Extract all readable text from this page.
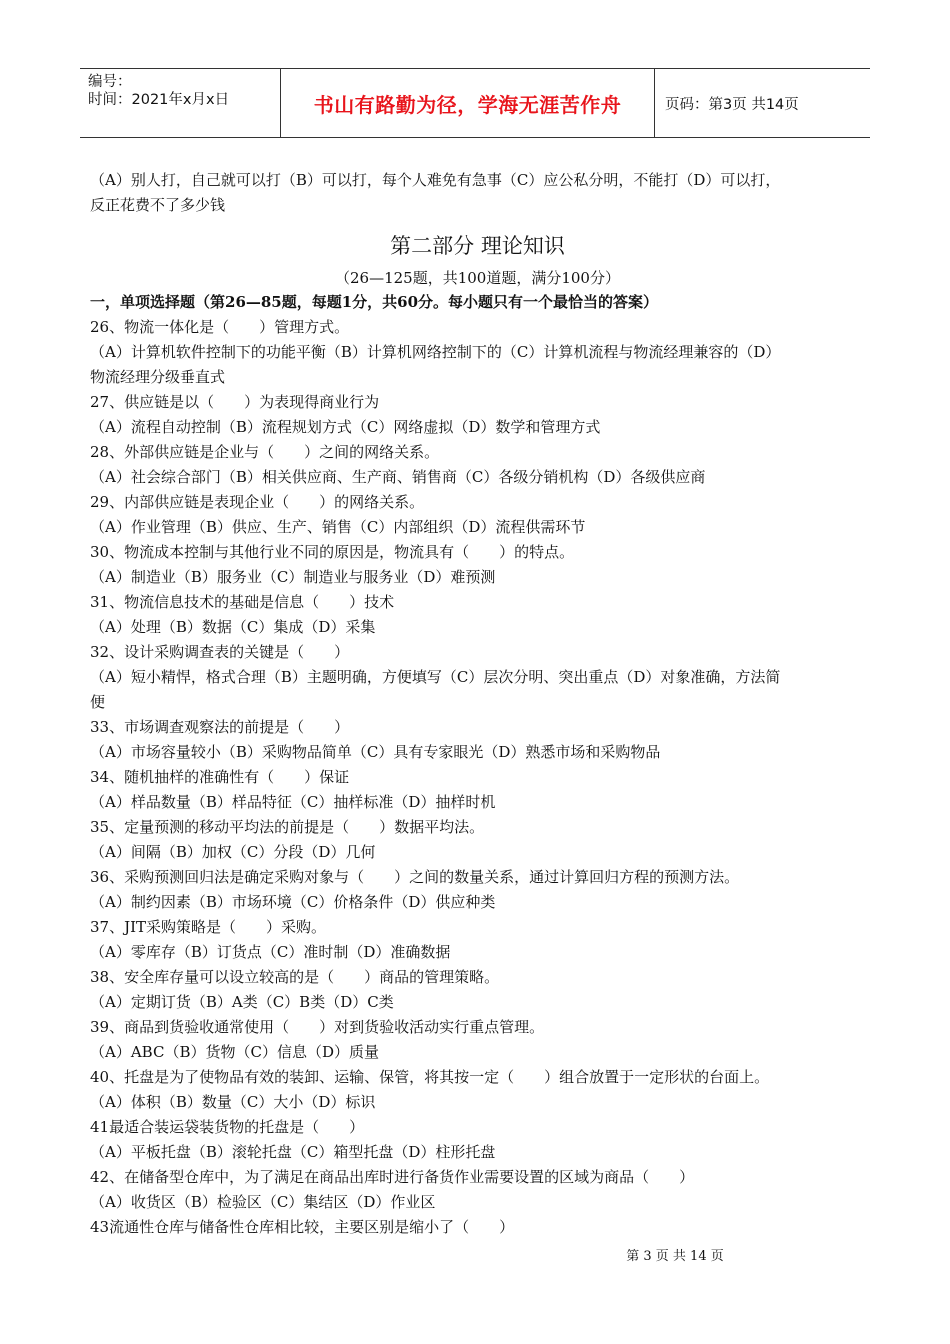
编号：
时间：2021年x月x日	书山有路勤为径，学海无涯苦作舟	页码：第3页 共14页
（A）别人打，自己就可以打（B）可以打，每个人难免有急事（C）应公私分明，不能打（D）可以打，
反正花费不了多少钱
第二部分 理论知识
（26—125题，共100道题，满分100分）
一，单项选择题（第26—85题，每题1分，共60分。每小题只有一个最恰当的答案）
26、物流一体化是（　　）管理方式。
（A）计算机软件控制下的功能平衡（B）计算机网络控制下的（C）计算机流程与物流经理兼容的（D）
物流经理分级垂直式
27、供应链是以（　　）为表现得商业行为
（A）流程自动控制（B）流程规划方式（C）网络虚拟（D）数学和管理方式
28、外部供应链是企业与（　　）之间的网络关系。
（A）社会综合部门（B）相关供应商、生产商、销售商（C）各级分销机构（D）各级供应商
29、内部供应链是表现企业（　　）的网络关系。
（A）作业管理（B）供应、生产、销售（C）内部组织（D）流程供需环节
30、物流成本控制与其他行业不同的原因是，物流具有（　　）的特点。
（A）制造业（B）服务业（C）制造业与服务业（D）难预测
31、物流信息技术的基础是信息（　　）技术
（A）处理（B）数据（C）集成（D）采集
32、设计采购调查表的关键是（　　）
（A）短小精悍，格式合理（B）主题明确，方便填写（C）层次分明、突出重点（D）对象准确，方法简
便
33、市场调查观察法的前提是（　　）
（A）市场容量较小（B）采购物品简单（C）具有专家眼光（D）熟悉市场和采购物品
34、随机抽样的准确性有（　　）保证
（A）样品数量（B）样品特征（C）抽样标准（D）抽样时机
35、定量预测的移动平均法的前提是（　　）数据平均法。
（A）间隔（B）加权（C）分段（D）几何
36、采购预测回归法是确定采购对象与（　　）之间的数量关系，通过计算回归方程的预测方法。
（A）制约因素（B）市场环境（C）价格条件（D）供应种类
37、JIT采购策略是（　　）采购。
（A）零库存（B）订货点（C）准时制（D）准确数据
38、安全库存量可以设立较高的是（　　）商品的管理策略。
（A）定期订货（B）A类（C）B类（D）C类
39、商品到货验收通常使用（　　）对到货验收活动实行重点管理。
（A）ABC（B）货物（C）信息（D）质量
40、托盘是为了使物品有效的装卸、运输、保管，将其按一定（　　）组合放置于一定形状的台面上。
（A）体积（B）数量（C）大小（D）标识
41最适合装运袋装货物的托盘是（　　）
（A）平板托盘（B）滚轮托盘（C）箱型托盘（D）柱形托盘
42、在储备型仓库中，为了满足在商品出库时进行备货作业需要设置的区域为商品（　　）
（A）收货区（B）检验区（C）集结区（D）作业区
43流通性仓库与储备性仓库相比较，主要区别是缩小了（　　）
第 3 页 共 14 页
